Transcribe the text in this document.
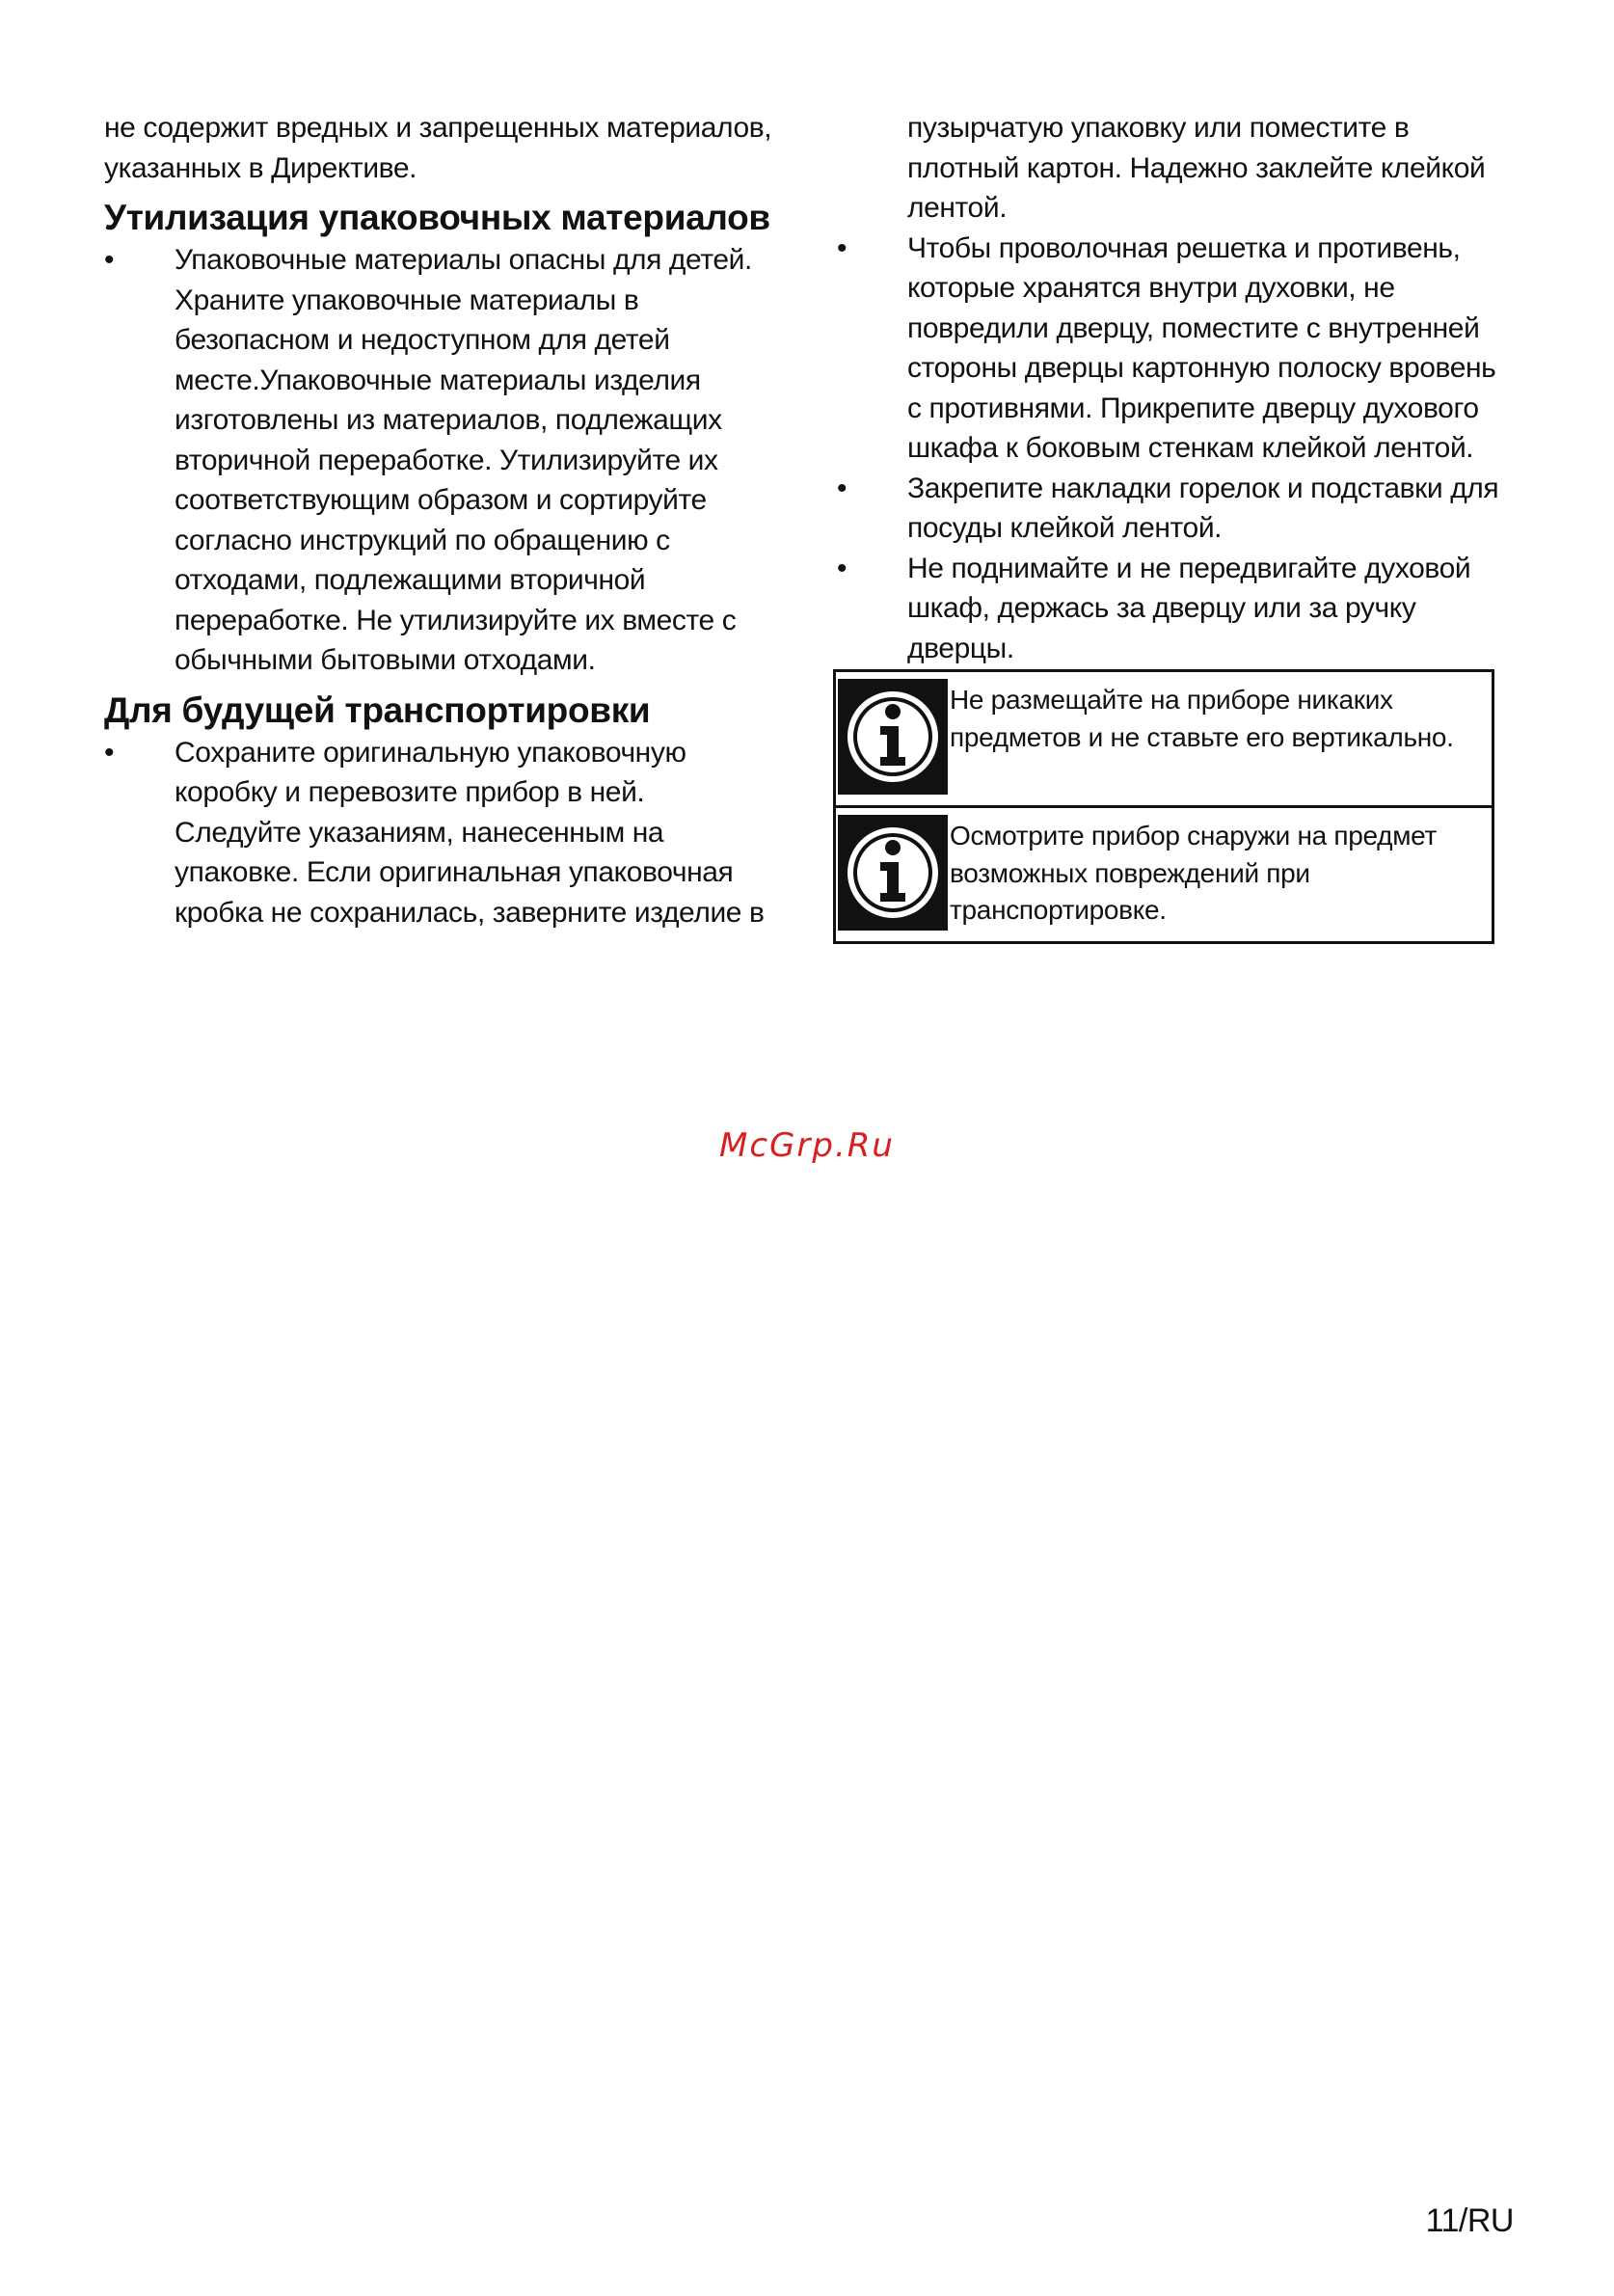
не содержит вредных и запрещенных материалов,
указанных в Директиве.
Утилизация упаковочных материалов
•	Упаковочные материалы опасны для детей.
Храните упаковочные материалы в
безопасном и недоступном для детей
месте.Упаковочные материалы изделия
изготовлены из материалов, подлежащих
вторичной переработке. Утилизируйте их
соответствующим образом и сортируйте
согласно инструкций по обращению с
отходами, подлежащими вторичной
переработке. Не утилизируйте их вместе с
обычными бытовыми отходами.
Для будущей транспортировки
•	Сохраните оригинальную упаковочную
коробку и перевозите прибор в ней.
Следуйте указаниям, нанесенным на
упаковке. Если оригинальная упаковочная
кробка не сохранилась, заверните изделие в
пузырчатую упаковку или поместите в
плотный картон. Надежно заклейте клейкой
лентой.
•	Чтобы проволочная решетка и противень,
которые хранятся внутри духовки, не
повредили дверцу, поместите с внутренней
стороны дверцы картонную полоску вровень
с противнями. Прикрепите дверцу духового
шкафа к боковым стенкам клейкой лентой.
•	Закрепите накладки горелок и подставки для
посуды клейкой лентой.
•	Не поднимайте и не передвигайте духовой
шкаф, держась за дверцу или за ручку
дверцы.
Не размещайте на приборе никаких
предметов и не ставьте его вертикально.
Осмотрите прибор снаружи на предмет
возможных повреждений при
транспортировке.
McGrp.Ru
11/RU
